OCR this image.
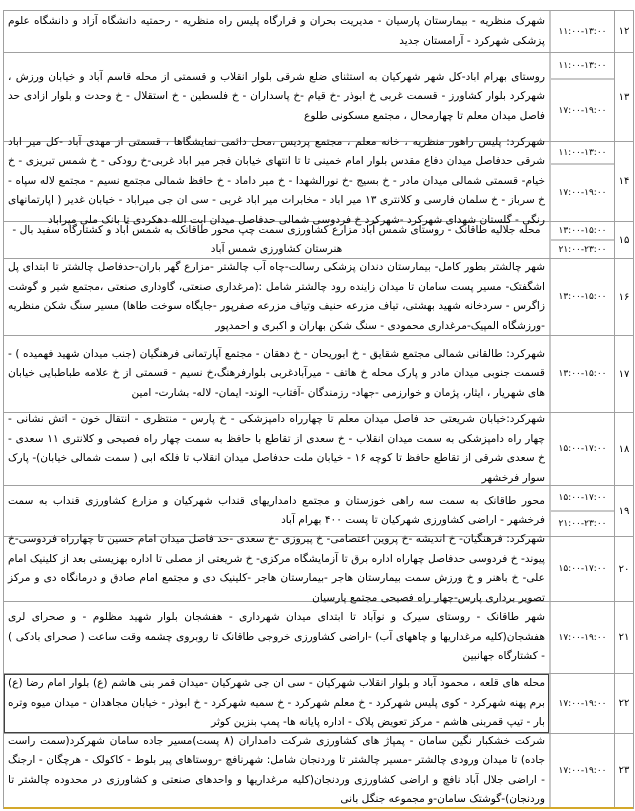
۱۲
۱۱:۰۰-۱۳:۰۰
شهرک منظریه - بیمارستان پارسیان - مدیریت بحران و قرارگاه پلیس راه منظریه - رحمتیه دانشگاه آزاد و دانشگاه علوم پزشکی شهرکرد - آرامستان جدید
۱۳
۱۱:۰۰-۱۳:۰۰
۱۷:۰۰-۱۹:۰۰
روستای بهرام اباد-کل شهر شهرکیان به استثنای ضلع شرقی بلوار انقلاب و قسمتی از محله قاسم آباد و خیابان ورزش ، شهرکرد بلوار کشاورز - قسمت غربی خ ابوذر -خ قیام -خ پاسداران - خ فلسطین - خ استقلال - خ وحدت و بلوار ازادی حد فاصل میدان معلم تا چهارمحال ، مجتمع مسکونی طلوع
۱۴
۱۱:۰۰-۱۳:۰۰
۱۷:۰۰-۱۹:۰۰
شهرکرد: پلیس راهور منظریه ، خانه معلم ، مجتمع پردیس ،محل دائمی نمایشگاها ، قسمتی از مهدی آباد -کل میر اباد شرقی حدفاصل میدان دفاع مقدس بلوار امام خمینی تا تا انتهای خیابان فجر میر اباد غربی-خ رودکی - خ شمس تبریزی - خ خیام- قسمتی شمالی میدان مادر - خ بسیج -خ نورالشهدا - خ میر داماد - خ حافظ شمالی مجتمع نسیم - مجتمع لاله سپاه - خ سرباز - خ سلمان فارسی و کلانتری ۱۳ میر اباد - مخابرات میر اباد غربی - سی ان جی میراباد - خیابان غدیر ( اپارتمانهای رنگی - گلستان شهدای شهرکرد -شهرکرد خ فردوسی شمالی حدفاصل میدان ایت الله دهکردی تا بانک ملی میراباد
۱۵
۱۳:۰۰-۱۵:۰۰
۲۱:۰۰-۲۳:۰۰
محله جلالیه طاقانک - روستای شمس آباد مزارع کشاورزی سمت چپ محور طاقانک به شمس آباد و کشتارگاه سفید بال - هنرستان کشاورزی شمس آباد
۱۶
۱۳:۰۰-۱۵:۰۰
شهر چالشتر بطور کامل- بیمارستان دندان پزشکی رسالت-چاه آب چالشتر -مزارع گهر باران-حدفاصل چالشتر تا ابتدای پل اشگفتک- مسیر پست سامان تا میدان زاینده رود چالشتر شامل :(مرغداری صنعتی، گاوداری صنعتی ،مجتمع شیر و گوشت زاگرس - سردخانه شهید بهشتی، تیاف مزرعه حنیف وتیاف مزرعه صفرپور -جایگاه سوخت طاها) مسیر سنگ شکن منظریه -ورزشگاه المپیک-مرغداری محمودی - سنگ شکن بهاران و اکبری و احمدپور
۱۷
۱۳:۰۰-۱۵:۰۰
شهرکرد: طالقانی شمالی مجتمع شقایق - خ ابوریحان - خ دهقان - مجتمع آپارتمانی فرهنگیان (جنب میدان شهید فهمیده ) - قسمت جنوبی میدان مادر و پارک محله خ هاتف - میرآبادغربی بلوارفرهنگ،خ نسیم - قسمتی از خ علامه طباطبایی خیابان های شهریار ، ایثار، پژمان و خوارزمی -جهاد- رزمندگان -آفتاب- الوند- ایمان- لاله- بشارت- امین
۱۸
۱۵:۰۰-۱۷:۰۰
شهرکرد:خیابان شریعتی حد فاصل میدان معلم تا چهارراه دامپزشکی - خ پارس - منتظری - انتقال خون - اتش نشانی - چهار راه دامپزشکی به سمت میدان انقلاب - خ سعدی از تقاطع با حافظ به سمت چهار راه فصیحی و کلانتری ۱۱ سعدی - خ سعدی شرقی از تقاطع حافظ تا کوچه ۱۶ - خیابان ملت حدفاصل میدان انقلاب تا فلکه ابی ( سمت شمالی خیابان)- پارک سوار فرخشهر
۱۹
۱۵:۰۰-۱۷:۰۰
۲۱:۰۰-۲۳:۰۰
محور طاقانک به سمت سه راهی خوزستان و مجتمع دامداریهای قنداب شهرکیان و مزارع کشاورزی قنداب به سمت فرخشهر - اراضی کشاورزی شهرکیان تا پست ۴۰۰ بهرام آباد
۲۰
۱۵:۰۰-۱۷:۰۰
شهرکرد: فرهنگیان- خ اندیشه -خ پروین اعتصامی- خ پیروزی -خ سعدی -حد فاصل میدان امام حسین تا چهارراه فردوسی-خ پیوند- خ فردوسی حدفاصل چهاراه اداره برق تا آزمایشگاه مرکزی- خ شریعتی از مصلی تا اداره بهزیستی بعد از کلینیک امام علی- خ باهنر و خ ورزش سمت بیمارستان هاجر -بیمارستان هاجر -کلینیک دی و مجتمع امام صادق و درمانگاه دی و مرکز تصویر برداری پارس-چهار راه فصیحی مجتمع پارسیان
۲۱
۱۷:۰۰-۱۹:۰۰
شهر طاقانک - روستای سیرک و نوآباد تا ابتدای میدان شهرداری - هفشجان بلوار شهید مظلوم - و صحرای لری هفشجان(کلیه مرغداریها و چاههای آب) -اراضی کشاورزی خروجی طاقانک تا روبروی چشمه وقت ساعت ( صحرای بادکی ) - کشتارگاه جهانبین
۲۲
۱۷:۰۰-۱۹:۰۰
محله های قلعه ، محمود آباد و بلوار انقلاب شهرکیان - سی ان جی شهرکیان -میدان قمر بنی هاشم (ع) بلوار امام رضا (ع) برم پهنه شهرکرد - کوی پلیس شهرکرد - خ معلم شهرکرد - خ سمیه شهرکرد - خ ابوذر - خیابان مجاهدان - میدان میوه وتره بار - تیپ قمربنی هاشم - مرکز تعویض پلاک - اداره پایانه ها- پمپ بنزین کوثر
۲۳
۱۷:۰۰-۱۹:۰۰
شرکت خشکبار نگین سامان - پمپاژ های کشاورزی شرکت دامداران (۸ پست)مسیر جاده سامان شهرکرد(سمت راست جاده) تا میدان ورودی چالشتر -مسیر چالشتر تا وردنجان شامل: شهرنافچ -روستاهای پیر بلوط - کاکولک - هرچگان - ارجنگ - اراضی جلال آباد نافچ و اراضی کشاورزی وردنجان(کلیه مرغداریها و واحدهای صنعتی و کشاورزی در محدوده چالشتر تا وردنجان)-گوشتک سامان-و مجموعه جنگل بانی
